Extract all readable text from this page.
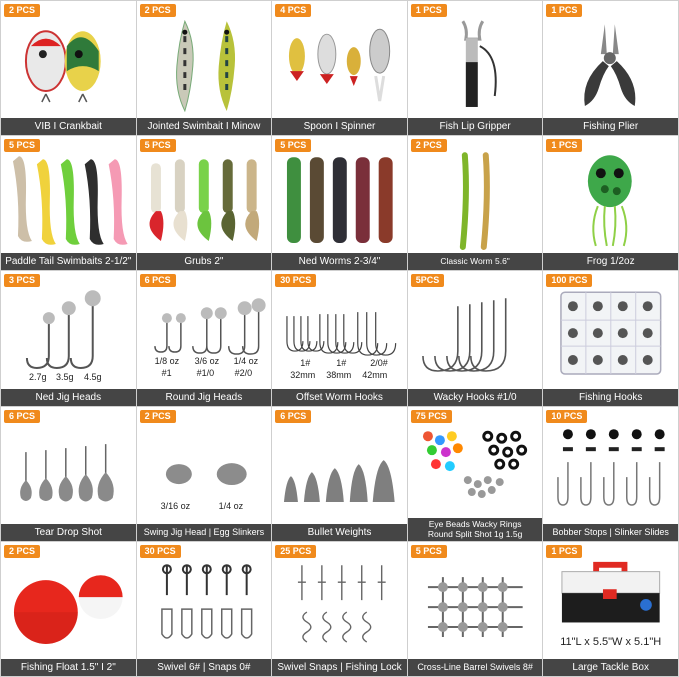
2 PCS
VIB I Crankbait
2 PCS
Jointed Swimbait I Minow
4 PCS
Spoon I Spinner
1 PCS
Fish Lip Gripper
1 PCS
Fishing Plier
5 PCS
Paddle Tail Swimbaits 2-1/2"
5 PCS
Grubs 2"
5 PCS
Ned Worms 2-3/4"
2 PCS
Classic Worm 5.6"
1 PCS
Frog 1/2oz
3 PCS
2.7g 3.5g 4.5g
Ned Jig Heads
6 PCS
1/8 oz 3/6 oz 1/4 oz
#1	#1/0 #2/0
Round Jig Heads
30 PCS
1#	1#	2/0#
32mm 38mm 42mm
Offset Worm Hooks
5PCS
Wacky Hooks #1/0
100 PCS
Fishing Hooks
6 PCS
Tear Drop Shot
2 PCS
3/16 oz	1/4 oz
Swing Jig Head | Egg Slinkers
6 PCS
Bullet Weights
75 PCS
Eye Beads Wacky Rings
Round Split Shot 1g 1.5g
10 PCS
Bobber Stops | Slinker Slides
2 PCS
Fishing Float 1.5" I 2"
30 PCS
Swivel 6# | Snaps 0#
25 PCS
Swivel Snaps | Fishing Lock
5 PCS
Cross-Line Barrel Swivels 8#
1 PCS
11"L x 5.5"W x 5.1"H
Large Tackle Box
